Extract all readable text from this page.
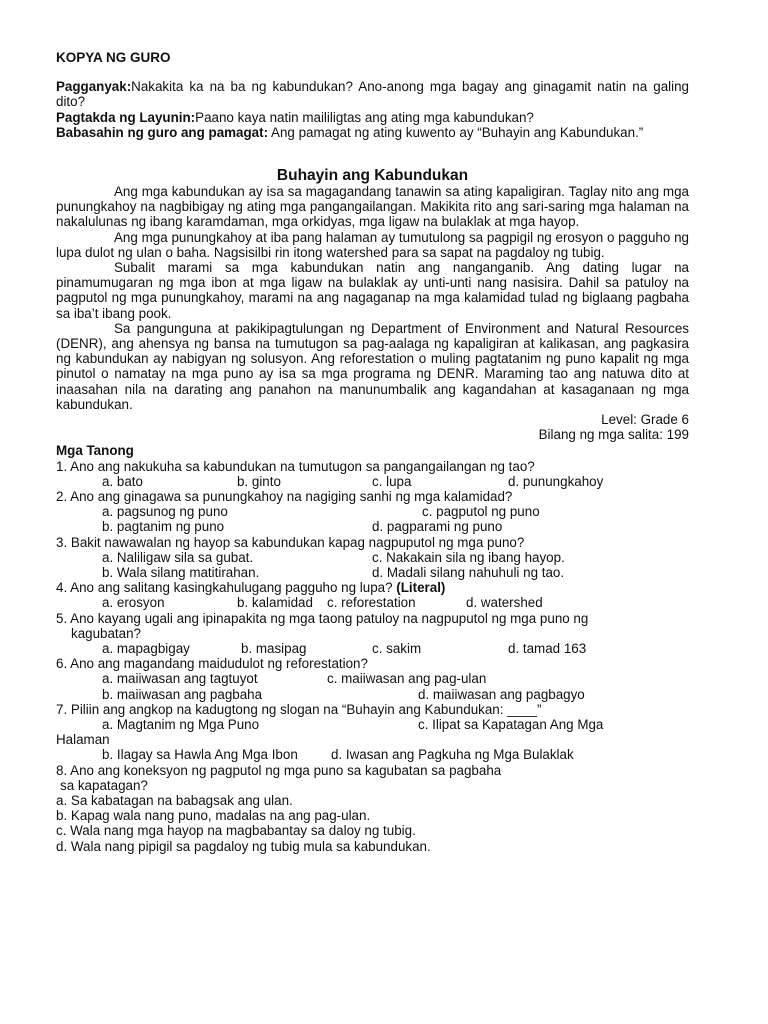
KOPYA NG GURO

Pagganyak:Nakakita ka na ba ng kabundukan? Ano-anong mga bagay ang ginagamit natin na galing dito?

Pagtakda ng Layunin:Paano kaya natin maililigtas ang ating mga kabundukan?

Babasahin ng guro ang pamagat: Ang pamagat ng ating kuwento ay “Buhayin ang Kabundukan.”

Buhayin ang Kabundukan

Ang mga kabundukan ay isa sa magagandang tanawin sa ating kapaligiran. Taglay nito ang mga punungkahoy na nagbibigay ng ating mga pangangailangan. Makikita rito ang sari-saring mga halaman na nakalulunas ng ibang karamdaman, mga orkidyas, mga ligaw na bulaklak at mga hayop.

Ang mga punungkahoy at iba pang halaman ay tumutulong sa pagpigil ng erosyon o pagguho ng lupa dulot ng ulan o baha. Nagsisilbi rin itong watershed para sa sapat na pagdaloy ng tubig.

Subalit marami sa mga kabundukan natin ang nanganganib. Ang dating lugar na pinamumugaran ng mga ibon at mga ligaw na bulaklak ay unti-unti nang nasisira. Dahil sa patuloy na pagputol ng mga punungkahoy, marami na ang nagaganap na mga kalamidad tulad ng biglaang pagbaha sa iba’t ibang pook.

Sa pangunguna at pakikipagtulungan ng Department of Environment and Natural Resources (DENR), ang ahensya ng bansa na tumutugon sa pag-aalaga ng kapaligiran at kalikasan, ang pagkasira ng kabundukan ay nabigyan ng solusyon. Ang reforestation o muling pagtatanim ng puno kapalit ng mga pinutol o namatay na mga puno ay isa sa mga programa ng DENR. Maraming tao ang natuwa dito at inaasahan nila na darating ang panahon na manunumbalik ang kagandahan at kasaganaan ng mga kabundukan.

Level: Grade 6
Bilang ng mga salita: 199
Mga Tanong
1. Ano ang nakukuha sa kabundukan na tumutugon sa pangangailangan ng tao?
a. bato	b. ginto	c. lupa	d. punungkahoy
2. Ano ang ginagawa sa punungkahoy na nagiging sanhi ng mga kalamidad?
a. pagsunog ng puno	c. pagputol ng puno
b. pagtanim ng puno	d. pagparami ng puno
3. Bakit nawawalan ng hayop sa kabundukan kapag nagpuputol ng mga puno?
a. Naliligaw sila sa gubat.	c. Nakakain sila ng ibang hayop.
b. Wala silang matitirahan.	d. Madali silang nahuhuli ng tao.
4. Ano ang salitang kasingkahulugang pagguho ng lupa? (Literal)
a. erosyon	b. kalamidad c. reforestation	d. watershed
5. Ano kayang ugali ang ipinapakita ng mga taong patuloy na nagpuputol ng mga puno ng kagubatan?
a. mapagbigay	b. masipag	c. sakim	d. tamad 163
6. Ano ang magandang maidudulot ng reforestation?
a. maiiwasan ang tagtuyot	c. maiiwasan ang pag-ulan
b. maiiwasan ang pagbaha	d. maiiwasan ang pagbagyo
7. Piliin ang angkop na kadugtong ng slogan na “Buhayin ang Kabundukan: ____”
a. Magtanim ng Mga Puno	c. Ilipat sa Kapatagan Ang Mga
Halaman
b. Ilagay sa Hawla Ang Mga Ibon d. Iwasan ang Pagkuha ng Mga Bulaklak
8. Ano ang koneksyon ng pagputol ng mga puno sa kagubatan sa pagbaha
sa kapatagan?
a. Sa kabatagan na babagsak ang ulan.
b. Kapag wala nang puno, madalas na ang pag-ulan.
c. Wala nang mga hayop na magbabantay sa daloy ng tubig.
d. Wala nang pipigil sa pagdaloy ng tubig mula sa kabundukan.
